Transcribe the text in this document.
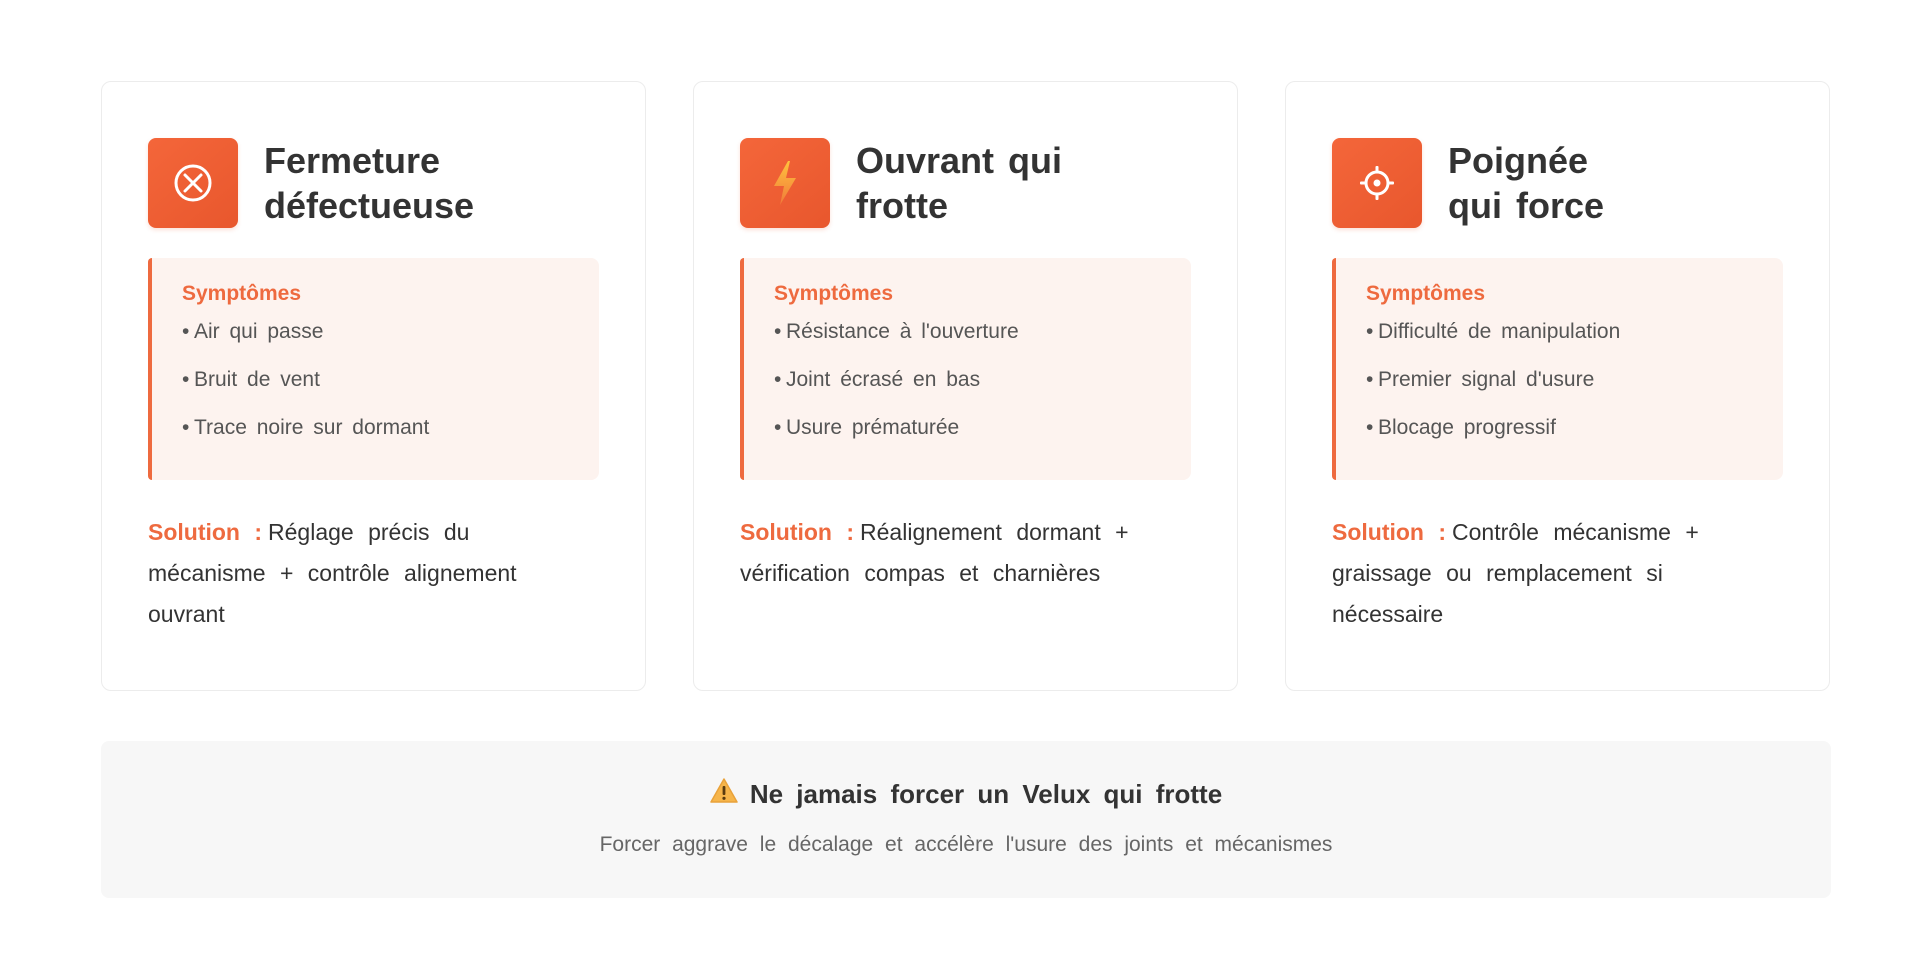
Fermeture
défectueuse
Symptômes
• Air qui passe
• Bruit de vent
• Trace noire sur dormant
Solution : Réglage précis du mécanisme + contrôle alignement ouvrant
Ouvrant qui
frotte
Symptômes
• Résistance à l'ouverture
• Joint écrasé en bas
• Usure prématurée
Solution : Réalignement dormant + vérification compas et charnières
Poignée
qui force
Symptômes
• Difficulté de manipulation
• Premier signal d'usure
• Blocage progressif
Solution : Contrôle mécanisme + graissage ou remplacement si nécessaire
Ne jamais forcer un Velux qui frotte
Forcer aggrave le décalage et accélère l'usure des joints et mécanismes
